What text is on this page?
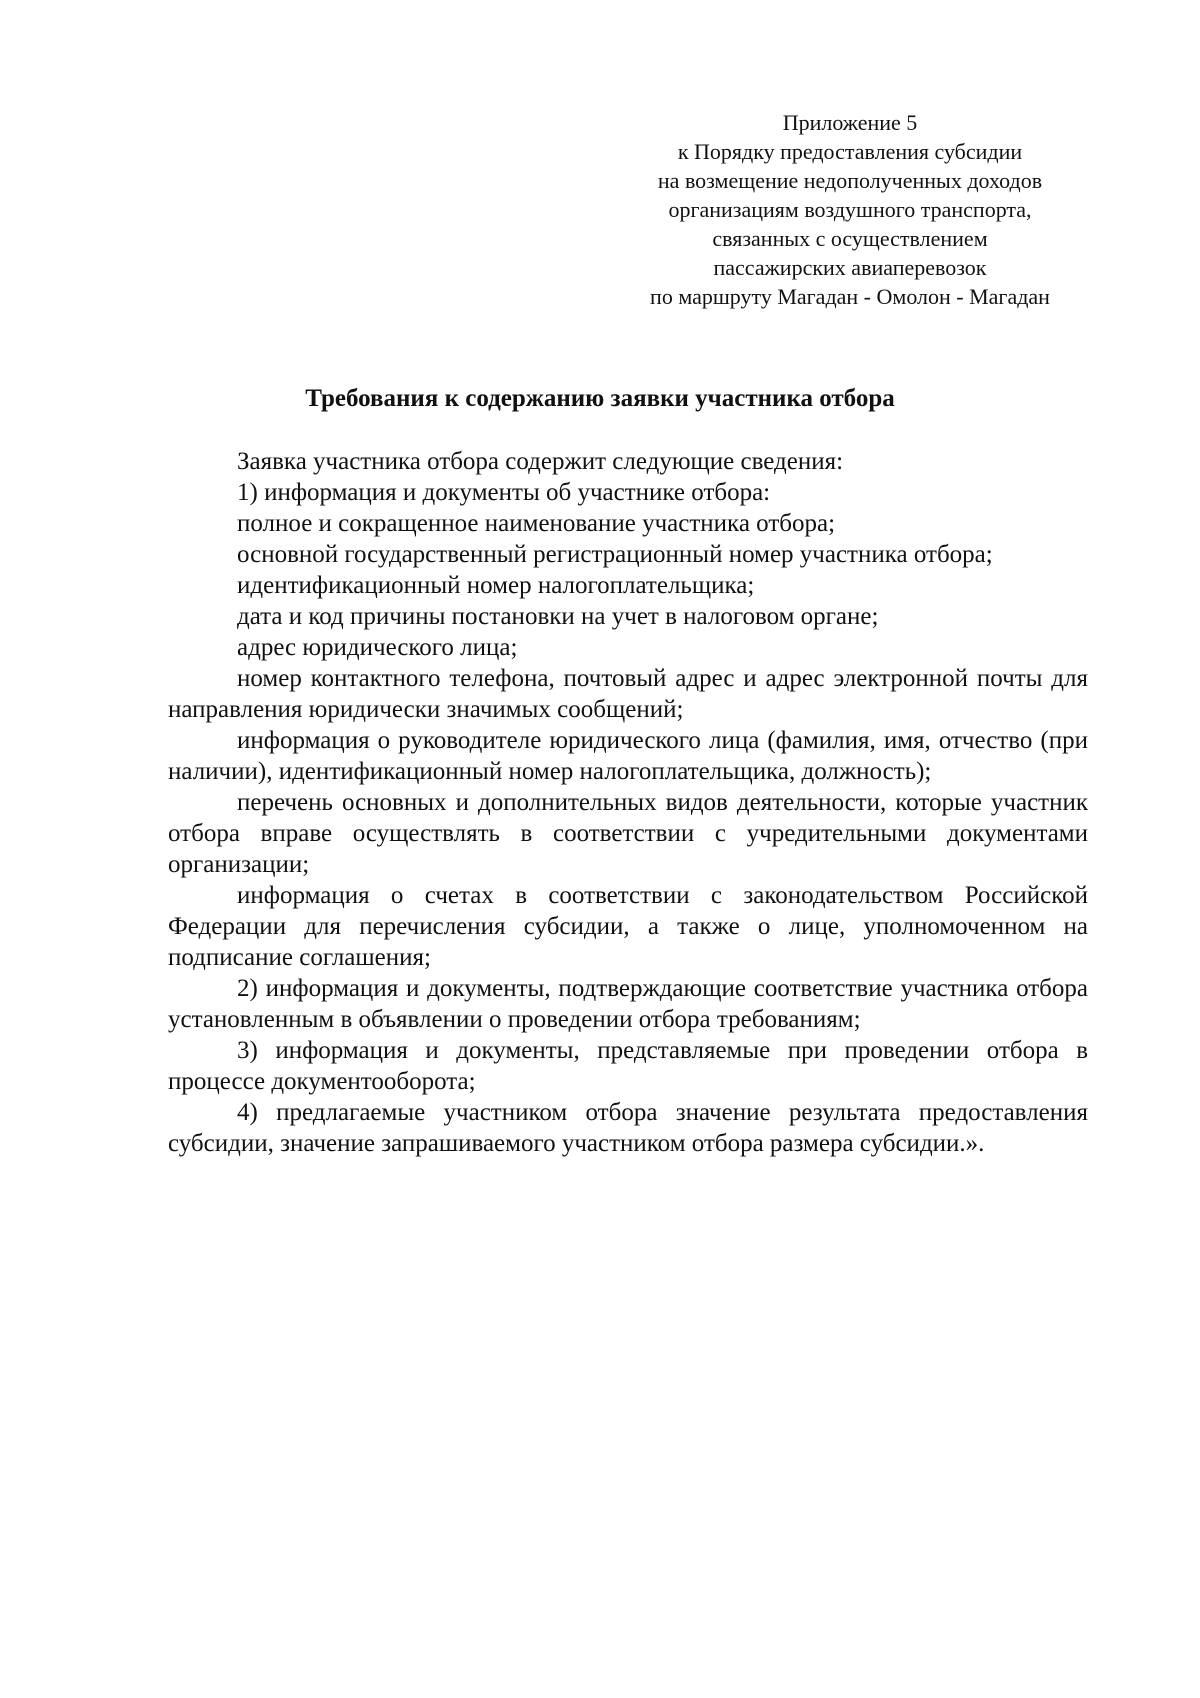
Приложение 5
к Порядку предоставления субсидии
на возмещение недополученных доходов
организациям воздушного транспорта,
связанных с осуществлением
пассажирских авиаперевозок
по маршруту Магадан - Омолон - Магадан
Требования к содержанию заявки участника отбора
Заявка участника отбора содержит следующие сведения:
1) информация и документы об участнике отбора:
полное и сокращенное наименование участника отбора;
основной государственный регистрационный номер участника отбора;
идентификационный номер налогоплательщика;
дата и код причины постановки на учет в налоговом органе;
адрес юридического лица;
номер контактного телефона, почтовый адрес и адрес электронной почты для направления юридически значимых сообщений;
информация о руководителе юридического лица (фамилия, имя, отчество (при наличии), идентификационный номер налогоплательщика, должность);
перечень основных и дополнительных видов деятельности, которые участник отбора вправе осуществлять в соответствии с учредительными документами организации;
информация о счетах в соответствии с законодательством Российской Федерации для перечисления субсидии, а также о лице, уполномоченном на подписание соглашения;
2) информация и документы, подтверждающие соответствие участника отбора установленным в объявлении о проведении отбора требованиям;
3) информация и документы, представляемые при проведении отбора в процессе документооборота;
4) предлагаемые участником отбора значение результата предоставления субсидии, значение запрашиваемого участником отбора размера субсидии.».
